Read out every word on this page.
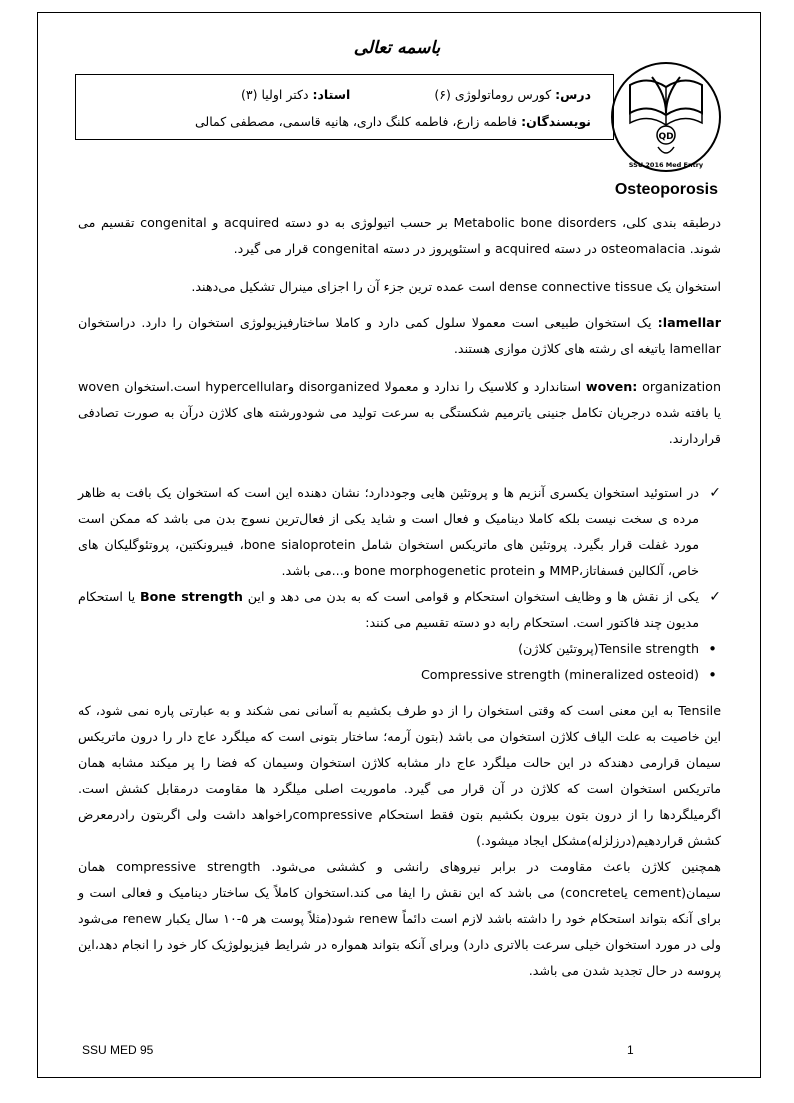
باسمه تعالی
QD
SSU 2016 Med Entry
درس: کورس روماتولوژی (۶)
استاد: دکتر اولیا (۳)
نویسندگان: فاطمه زارع، فاطمه کلنگ داری، هانیه قاسمی، مصطفی کمالی
Osteoporosis
درطبقه بندی کلی، Metabolic bone disorders بر حسب اتیولوژی به دو دسته acquired و congenital تقسیم می شوند. osteomalacia در دسته acquired و استئوپروز در دسته congenital قرار می گیرد.
استخوان یک dense connective tissue است عمده ترین جزء آن را اجزای مینرال تشکیل می‌دهند.
lamellar: یک استخوان طبیعی است معمولا سلول کمی دارد و کاملا ساختارفیزیولوژی استخوان را دارد. دراستخوان lamellar یاتیغه ای رشته های کلاژن موازی هستند.
woven: organization استاندارد و کلاسیک را ندارد و معمولا disorganized وhypercellular است.استخوان woven یا بافته شده درجریان تکامل جنینی یاترمیم شکستگی به سرعت تولید می شودورشته های کلاژن درآن به صورت تصادفی قراردارند.
✓
در استوئید استخوان یکسری آنزیم ها و پروتئین هایی وجوددارد؛ نشان دهنده این است که استخوان یک بافت به ظاهر مرده ی سخت نیست بلکه کاملا دینامیک و فعال است و شاید یکی از فعال‌ترین نسوج بدن می باشد که ممکن است مورد غفلت قرار بگیرد. پروتئین های ماتریکس استخوان شامل bone sialoprotein، فیبرونکتین، پروتئوگلیکان های خاص، آلکالین فسفاتاز،MMP و bone morphogenetic protein و...می باشد.
✓
یکی از نقش ها و وظایف استخوان استحکام و قوامی است که به بدن می دهد و این Bone strength یا استحکام مدیون چند فاکتور است. استحکام رابه دو دسته تقسیم می کنند:
•
Tensile strength(پروتئین کلاژن)
•
Compressive strength (mineralized osteoid)
Tensile به این معنی است که وقتی استخوان را از دو طرف بکشیم به آسانی نمی شکند و به عبارتی پاره نمی شود، که این خاصیت به علت الیاف کلاژن استخوان می باشد (بتون آرمه؛ ساختار بتونی است که میلگرد عاج دار را درون ماتریکس سیمان قرارمی دهندکه در این حالت میلگرد عاج دار مشابه کلاژن استخوان وسیمان که فضا را پر میکند مشابه همان ماتریکس استخوان است که کلاژن در آن قرار می گیرد. ماموریت اصلی میلگرد ها مقاومت درمقابل کشش است. اگرمیلگردها را از درون بتون بیرون بکشیم بتون فقط استحکام compressiveراخواهد داشت ولی اگربتون رادرمعرض کشش قراردهیم(درزلزله)مشکل ایجاد میشود.)
همچنین کلاژن باعث مقاومت در برابر نیروهای رانشی و کششی می‌شود. compressive strength همان سیمان(cement یاconcrete) می باشد که این نقش را ایفا می کند.استخوان کاملاً یک ساختار دینامیک و فعالی است و برای آنکه بتواند استحکام خود را داشته باشد لازم است دائماً renew شود(مثلاً پوست هر ۵-۱۰ سال یکبار renew می‌شود ولی در مورد استخوان خیلی سرعت بالاتری دارد) وبرای آنکه بتواند همواره در شرایط فیزیولوژیک کار خود را انجام دهد،این پروسه در حال تجدید شدن می باشد.
SSU MED 95	1
